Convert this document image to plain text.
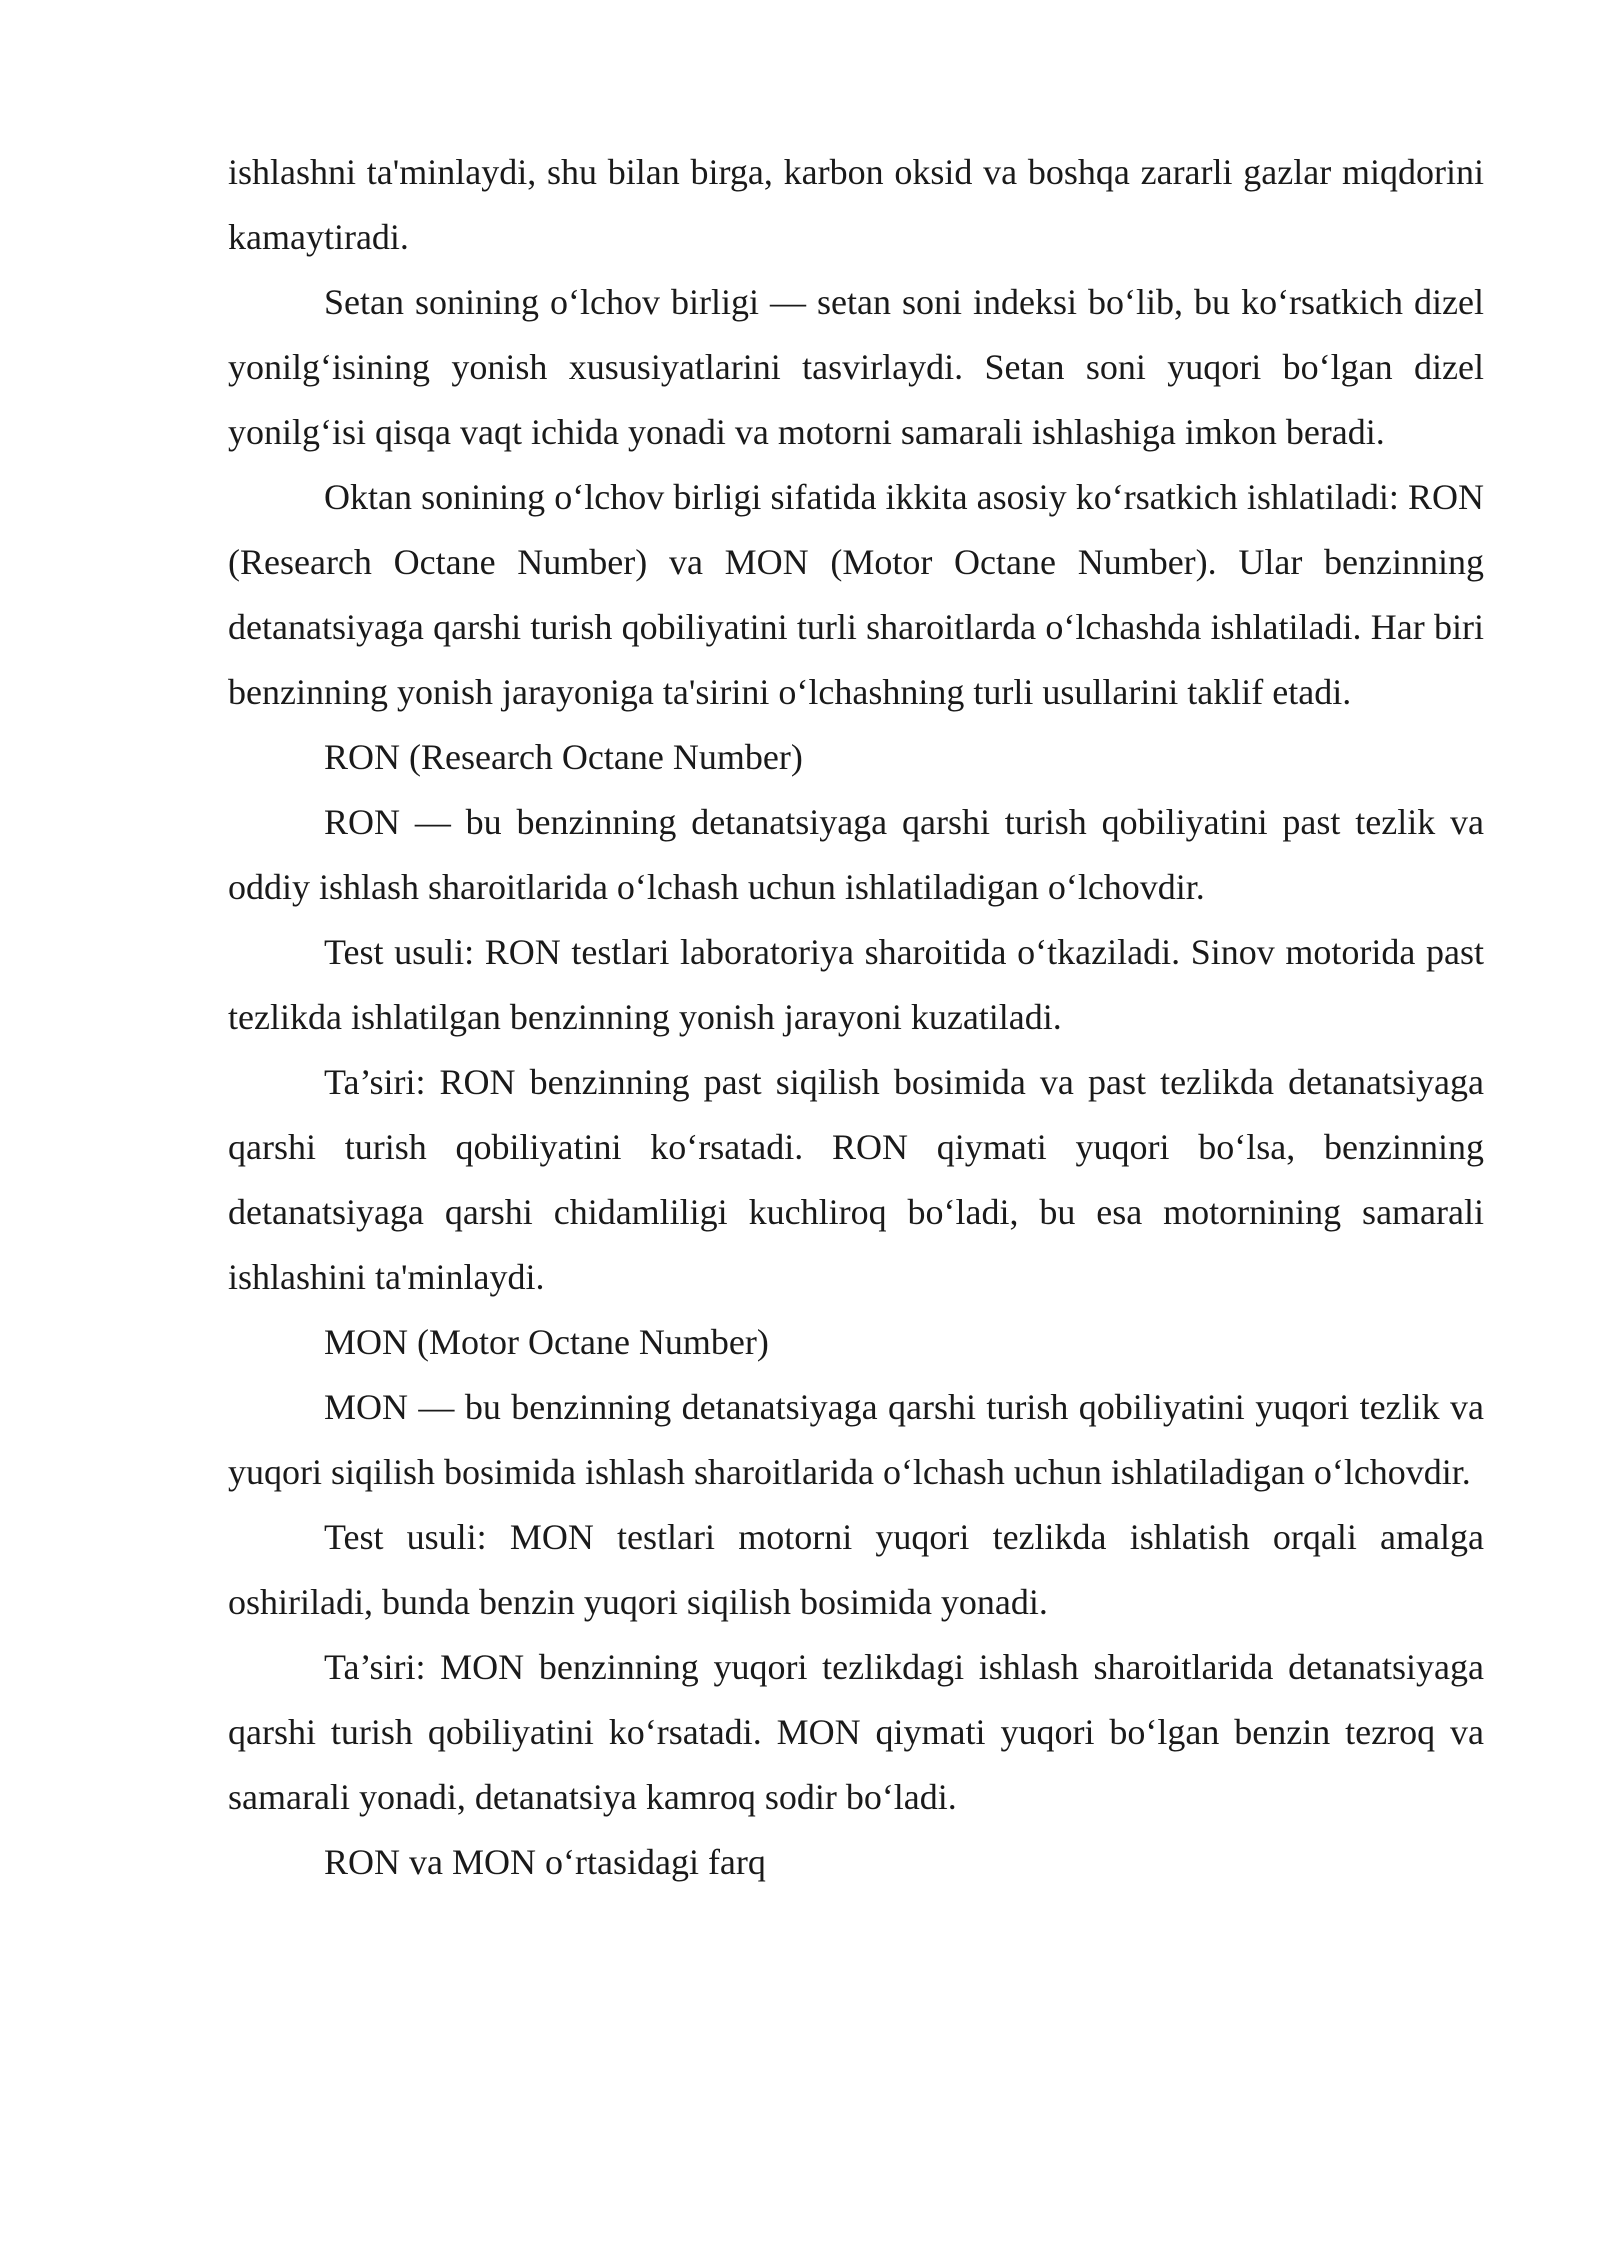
ishlashni ta'minlaydi, shu bilan birga, karbon oksid va boshqa zararli gazlar miqdorini kamaytiradi.

Setan sonining oʻlchov birligi — setan soni indeksi boʻlib, bu koʻrsatkich dizel yonilgʻisining yonish xususiyatlarini tasvirlaydi. Setan soni yuqori boʻlgan dizel yonilgʻisi qisqa vaqt ichida yonadi va motorni samarali ishlashiga imkon beradi.

Oktan sonining oʻlchov birligi sifatida ikkita asosiy koʻrsatkich ishlatiladi: RON (Research Octane Number) va MON (Motor Octane Number). Ular benzinning detanatsiyaga qarshi turish qobiliyatini turli sharoitlarda oʻlchashda ishlatiladi. Har biri benzinning yonish jarayoniga ta'sirini oʻlchashning turli usullarini taklif etadi.

RON (Research Octane Number)

RON — bu benzinning detanatsiyaga qarshi turish qobiliyatini past tezlik va oddiy ishlash sharoitlarida oʻlchash uchun ishlatiladigan oʻlchovdir.

Test usuli: RON testlari laboratoriya sharoitida oʻtkaziladi. Sinov motorida past tezlikda ishlatilgan benzinning yonish jarayoni kuzatiladi.

Ta’siri: RON benzinning past siqilish bosimida va past tezlikda detanatsiyaga qarshi turish qobiliyatini koʻrsatadi. RON qiymati yuqori boʻlsa, benzinning detanatsiyaga qarshi chidamliligi kuchliroq boʻladi, bu esa motornining samarali ishlashini ta'minlaydi.

MON (Motor Octane Number)

MON — bu benzinning detanatsiyaga qarshi turish qobiliyatini yuqori tezlik va yuqori siqilish bosimida ishlash sharoitlarida oʻlchash uchun ishlatiladigan oʻlchovdir.

Test usuli: MON testlari motorni yuqori tezlikda ishlatish orqali amalga oshiriladi, bunda benzin yuqori siqilish bosimida yonadi.

Ta’siri: MON benzinning yuqori tezlikdagi ishlash sharoitlarida detanatsiyaga qarshi turish qobiliyatini koʻrsatadi. MON qiymati yuqori boʻlgan benzin tezroq va samarali yonadi, detanatsiya kamroq sodir boʻladi.

RON va MON oʻrtasidagi farq
